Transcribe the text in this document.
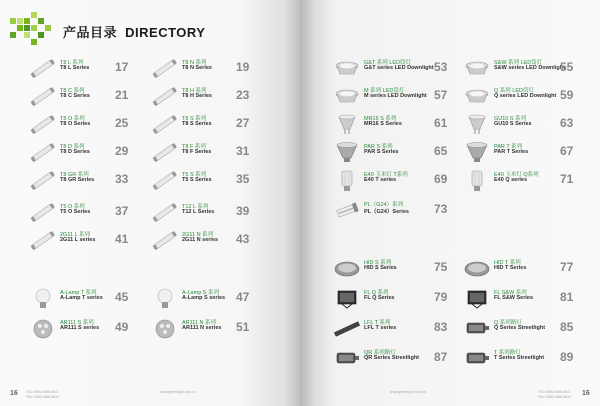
产品目录 DIRECTORY
T8 L 系列
T8 L Series 17
T8 C 系列
T8 C Series 21
T8 O 系列
T8 O Series 25
T8 D 系列
T8 D Series 29
T8 GR 系列
T8 GR Series 33
T5 O 系列
T5 O Series 37
2G11 L 系列
2G11 L series 41
A-Lamp T 系列
A-Lamp T series 45
AR111 S 系列
AR111 S series 49
T8 N 系列
T8 N Series 19
T8 H 系列
T8 H Series 23
T8 S 系列
T8 S Series 27
T8 F 系列
T8 F Series 31
T5 S 系列
T5 S Series 35
T12 L 系列
T12 L Series 39
2G11 N 系列
2G11 N series 43
A-Lamp S 系列
A-Lamp S series 47
AR111 N 系列
AR111 N series 51
16 TEL 0086-0668-8611
FAX 0086-0668-8612
www.greenlight.com.cn
G&T 系列 LED筒灯
G&T series LED Downlight 53
M 系列 LED筒灯
M series LED Downlight 57
MR16 S 系列
MR16 S Series	61
PAR S 系列
PAR S Series	65
E40 玉米灯 T系列
E40 T series	69
PL（G24）系列
PL（G24）Series 73
HID S 系列
HID S Series	75
FL Q 系列
FL Q Series	79
LFL T 系列
LFL T series	83
QR 系列路灯
QR Series Streetlight 87
S&W 系列 LED筒灯
S&W series LED Downlight
55
Q 系列 LED筒灯
Q series LED Downlight 59
GU10 S 系列
GU10 S Series 63
PAR T 系列
PAR T Series	67
E40 玉米灯 Q系列
E40 Q series	71
HID T 系列
HID T Series	77
FL S&W 系列
FL S&W Series 81
Q 系列路灯
Q Series Streetlight 85
T 系列路灯
T Series Streetlight 89
www.greenlight.com.cn	TEL 0086-0668-8611
FAX 0086-0668-8612 16
